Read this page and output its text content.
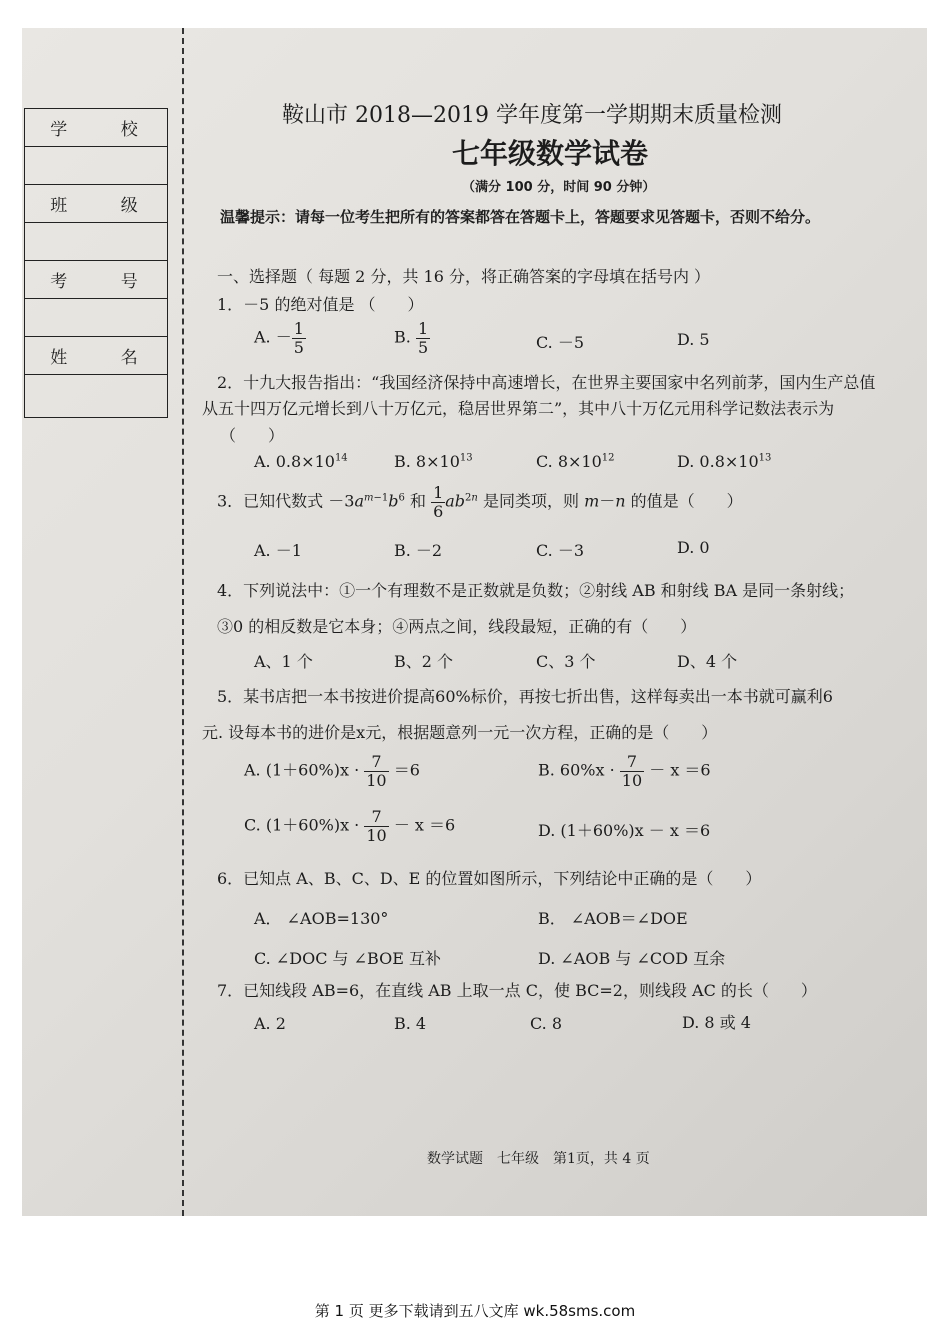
学 校
班 级
考 号
姓 名
鞍山市 2018—2019 学年度第一学期期末质量检测
七年级数学试卷
（满分 100 分，时间 90 分钟）
温馨提示：请每一位考生把所有的答案都答在答题卡上，答题要求见答题卡，否则不给分。
一、选择题（ 每题 2 分，共 16 分，将正确答案的字母填在括号内 ）
1．－5 的绝对值是 （　　）
A. － $\frac{1}{5}$	B. $\frac{1}{5}$	C. －5	D. 5
2．十九大报告指出：“我国经济保持中高速增长，在世界主要国家中名列前茅，国内生产总值
从五十四万亿元增长到八十万亿元，稳居世界第二”，其中八十万亿元用科学记数法表示为
（　　）
A. $0.8\times 10^{14}$	B. $8\times 10^{13}$	C. $8\times 10^{12}$	D. $0.8\times 10^{13}$
3．已知代数式 $-3a^{m-1}b^6$ 和 $\frac{1}{6} ab^{2n}$ 是同类项，则 m－n 的值是（　　）
A. －1	B. －2	C. －3	D. 0
4．下列说法中：①一个有理数不是正数就是负数；②射线 AB 和射线 BA 是同一条射线；
③0 的相反数是它本身；④两点之间，线段最短，正确的有（　　）
A、1 个	B、2 个	C、3 个	D、4 个
5．某书店把一本书按进价提高60%标价，再按七折出售，这样每卖出一本书就可赢利6
元. 设每本书的进价是x元，根据题意列一元一次方程，正确的是（　　）
A. $(1+60\%)x \cdot \frac{7}{10} =6$	B. $60\%x \cdot \frac{7}{10} - x =6$
C. $(1+60\%)x \cdot \frac{7}{10} - x =6$	D. (1＋60%)x － x ＝6
6．已知点 A、B、C、D、E 的位置如图所示，下列结论中正确的是（　　）
A． ∠AOB=130°	B． ∠AOB＝∠DOE
C. ∠DOC 与 ∠BOE 互补	D. ∠AOB 与 ∠COD 互余
7．已知线段 AB=6，在直线 AB 上取一点 C，使 BC=2，则线段 AC 的长（　　）
A. 2	B. 4	C. 8	D. 8 或 4
数学试题　七年级　第1页，共 4 页
第 1 页 更多下载请到五八文库 wk.58sms.com
